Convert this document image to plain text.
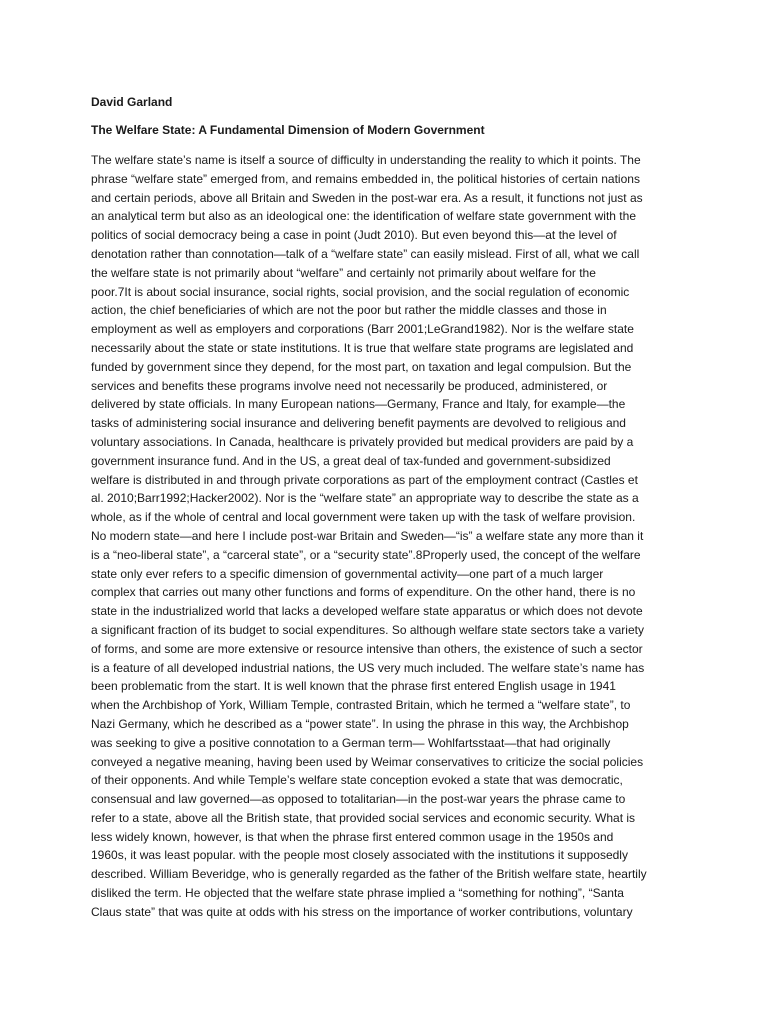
David Garland
The Welfare State: A Fundamental Dimension of Modern Government
The welfare state’s name is itself a source of difficulty in understanding the reality to which it points. The
phrase “welfare state” emerged from, and remains embedded in, the political histories of certain nations
and certain periods, above all Britain and Sweden in the post-war era. As a result, it functions not just as
an analytical term but also as an ideological one: the identification of welfare state government with the
politics of social democracy being a case in point (Judt 2010). But even beyond this—at the level of
denotation rather than connotation—talk of a “welfare state” can easily mislead. First of all, what we call
the welfare state is not primarily about “welfare” and certainly not primarily about welfare for the
poor.7It is about social insurance, social rights, social provision, and the social regulation of economic
action, the chief beneficiaries of which are not the poor but rather the middle classes and those in
employment as well as employers and corporations (Barr 2001;LeGrand1982). Nor is the welfare state
necessarily about the state or state institutions. It is true that welfare state programs are legislated and
funded by government since they depend, for the most part, on taxation and legal compulsion. But the
services and benefits these programs involve need not necessarily be produced, administered, or
delivered by state officials. In many European nations—Germany, France and Italy, for example—the
tasks of administering social insurance and delivering benefit payments are devolved to religious and
voluntary associations. In Canada, healthcare is privately provided but medical providers are paid by a
government insurance fund. And in the US, a great deal of tax-funded and government-subsidized
welfare is distributed in and through private corporations as part of the employment contract (Castles et
al. 2010;Barr1992;Hacker2002). Nor is the “welfare state” an appropriate way to describe the state as a
whole, as if the whole of central and local government were taken up with the task of welfare provision.
No modern state—and here I include post-war Britain and Sweden—“is” a welfare state any more than it
is a “neo-liberal state”, a “carceral state”, or a “security state”.8Properly used, the concept of the welfare
state only ever refers to a specific dimension of governmental activity—one part of a much larger
complex that carries out many other functions and forms of expenditure. On the other hand, there is no
state in the industrialized world that lacks a developed welfare state apparatus or which does not devote
a significant fraction of its budget to social expenditures. So although welfare state sectors take a variety
of forms, and some are more extensive or resource intensive than others, the existence of such a sector
is a feature of all developed industrial nations, the US very much included. The welfare state’s name has
been problematic from the start. It is well known that the phrase first entered English usage in 1941
when the Archbishop of York, William Temple, contrasted Britain, which he termed a “welfare state”, to
Nazi Germany, which he described as a “power state”. In using the phrase in this way, the Archbishop
was seeking to give a positive connotation to a German term— Wohlfartsstaat—that had originally
conveyed a negative meaning, having been used by Weimar conservatives to criticize the social policies
of their opponents. And while Temple’s welfare state conception evoked a state that was democratic,
consensual and law governed—as opposed to totalitarian—in the post-war years the phrase came to
refer to a state, above all the British state, that provided social services and economic security. What is
less widely known, however, is that when the phrase first entered common usage in the 1950s and
1960s, it was least popular. with the people most closely associated with the institutions it supposedly
described. William Beveridge, who is generally regarded as the father of the British welfare state, heartily
disliked the term. He objected that the welfare state phrase implied a “something for nothing”, “Santa
Claus state” that was quite at odds with his stress on the importance of worker contributions, voluntary
